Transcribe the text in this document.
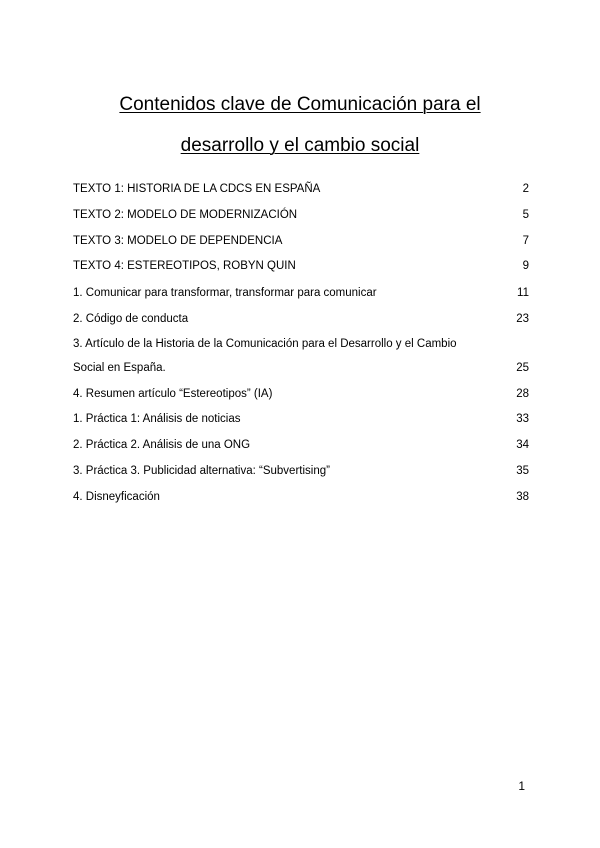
Contenidos clave de Comunicación para el
desarrollo y el cambio social
TEXTO 1: HISTORIA DE LA CDCS EN ESPAÑA	2
TEXTO 2: MODELO DE MODERNIZACIÓN	5
TEXTO 3: MODELO DE DEPENDENCIA	7
TEXTO 4: ESTEREOTIPOS, ROBYN QUIN	9
1. Comunicar para transformar, transformar para comunicar	11
2. Código de conducta	23
3. Artículo de la Historia de la Comunicación para el Desarrollo y el Cambio
Social en España.	25
4. Resumen artículo “Estereotipos” (IA)	28
1. Práctica 1: Análisis de noticias	33
2. Práctica 2. Análisis de una ONG	34
3. Práctica 3. Publicidad alternativa: “Subvertising”	35
4. Disneyficación	38
1
